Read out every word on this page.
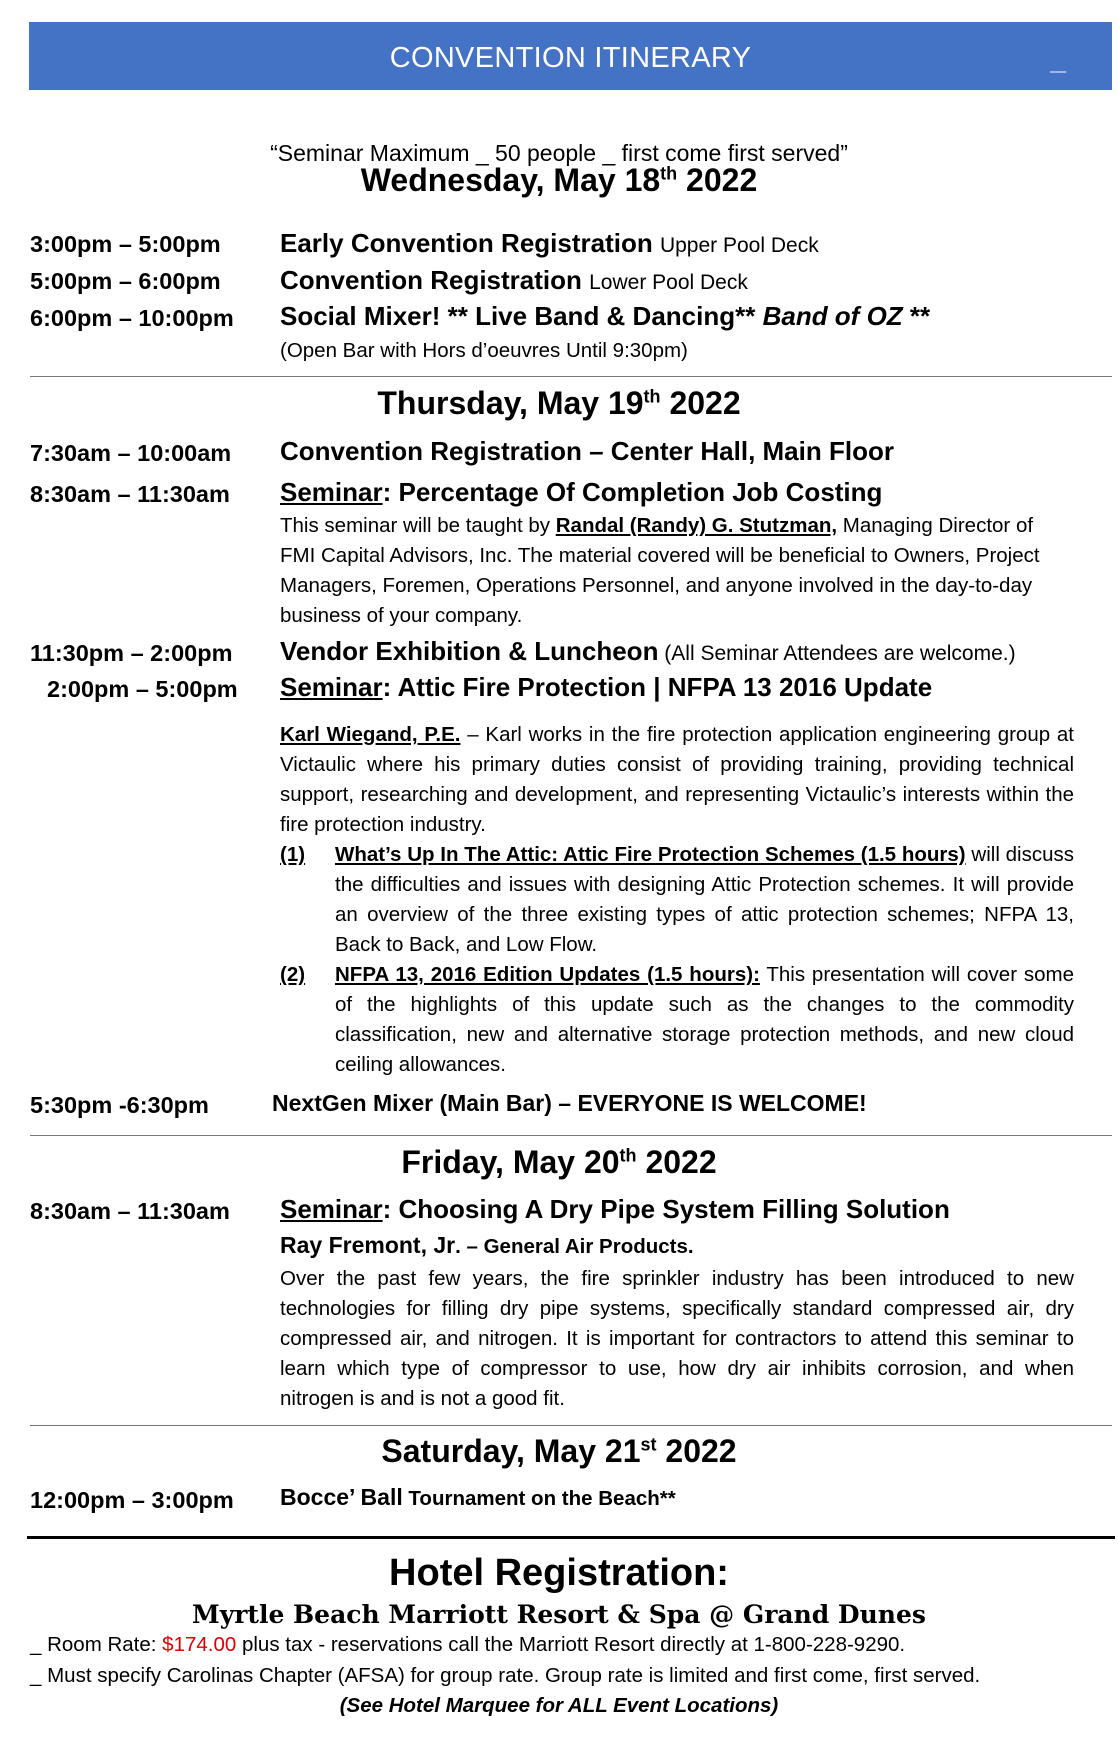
CONVENTION ITINERARY	_
“Seminar Maximum _ 50 people _ first come first served”
Wednesday, May 18th 2022
3:00pm – 5:00pm Early Convention Registration Upper Pool Deck
5:00pm – 6:00pm Convention Registration Lower Pool Deck
6:00pm – 10:00pm Social Mixer! ** Live Band & Dancing** Band of OZ **
(Open Bar with Hors d’oeuvres Until 9:30pm)
Thursday, May 19th 2022
7:30am – 10:00am Convention Registration – Center Hall, Main Floor
8:30am – 11:30am Seminar: Percentage Of Completion Job Costing
This seminar will be taught by Randal (Randy) G. Stutzman, Managing Director of FMI Capital Advisors, Inc. The material covered will be beneficial to Owners, Project Managers, Foremen, Operations Personnel, and anyone involved in the day-to-day business of your company.
11:30pm – 2:00pm Vendor Exhibition & Luncheon (All Seminar Attendees are welcome.)
2:00pm – 5:00pm Seminar: Attic Fire Protection | NFPA 13 2016 Update
Karl Wiegand, P.E. – Karl works in the fire protection application engineering group at Victaulic where his primary duties consist of providing training, providing technical support, researching and development, and representing Victaulic’s interests within the fire protection industry.
(1) What’s Up In The Attic: Attic Fire Protection Schemes (1.5 hours) will discuss the difficulties and issues with designing Attic Protection schemes. It will provide an overview of the three existing types of attic protection schemes; NFPA 13, Back to Back, and Low Flow.
(2) NFPA 13, 2016 Edition Updates (1.5 hours): This presentation will cover some of the highlights of this update such as the changes to the commodity classification, new and alternative storage protection methods, and new cloud ceiling allowances.
5:30pm -6:30pm	NextGen Mixer (Main Bar) – EVERYONE IS WELCOME!
Friday, May 20th 2022
8:30am – 11:30am Seminar: Choosing A Dry Pipe System Filling Solution
Ray Fremont, Jr. – General Air Products.
Over the past few years, the fire sprinkler industry has been introduced to new technologies for filling dry pipe systems, specifically standard compressed air, dry compressed air, and nitrogen. It is important for contractors to attend this seminar to learn which type of compressor to use, how dry air inhibits corrosion, and when nitrogen is and is not a good fit.
Saturday, May 21st 2022
12:00pm – 3:00pm Bocce’ Ball Tournament on the Beach**
Hotel Registration:
Myrtle Beach Marriott Resort & Spa @ Grand Dunes
_ Room Rate: $174.00 plus tax - reservations call the Marriott Resort directly at 1-800-228-9290.
_ Must specify Carolinas Chapter (AFSA) for group rate. Group rate is limited and first come, first served.
(See Hotel Marquee for ALL Event Locations)
